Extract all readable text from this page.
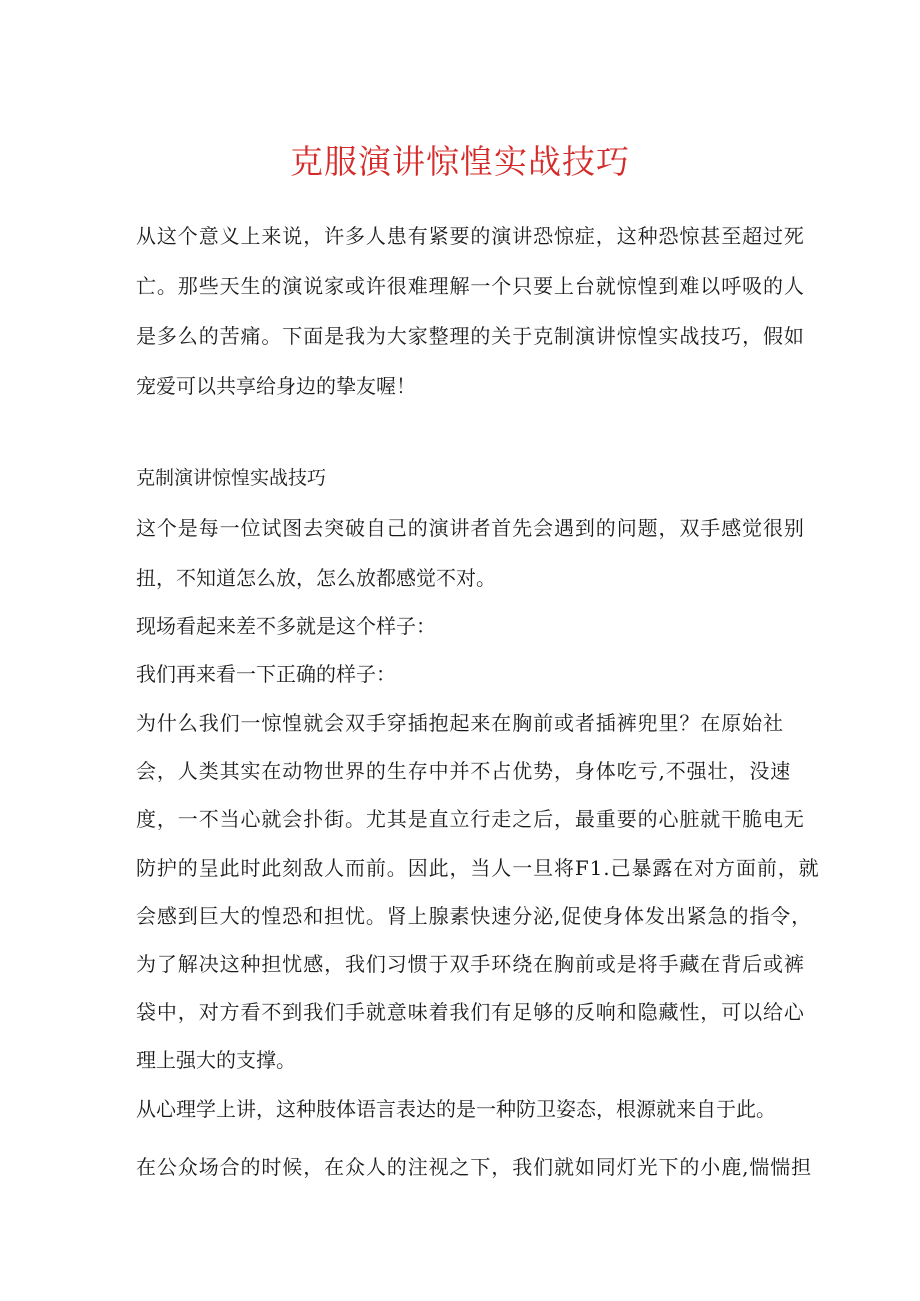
克服演讲惊惶实战技巧
从这个意义上来说，许多人患有紧要的演讲恐惊症，这种恐惊甚至超过死
亡。那些天生的演说家或许很难理解一个只要上台就惊惶到难以呼吸的人
是多么的苦痛。下面是我为大家整理的关于克制演讲惊惶实战技巧，假如
宠爱可以共享给身边的挚友喔！
克制演讲惊惶实战技巧
这个是每一位试图去突破自己的演讲者首先会遇到的问题，双手感觉很别
扭，不知道怎么放，怎么放都感觉不对。
现场看起来差不多就是这个样子：
我们再来看一下正确的样子：
为什么我们一惊惶就会双手穿插抱起来在胸前或者插裤兜里？在原始社
会，人类其实在动物世界的生存中并不占优势，身体吃亏,不强壮，没速
度，一不当心就会扑街。尤其是直立行走之后，最重要的心脏就干脆电无
防护的呈此时此刻敌人而前。因此，当人一旦将F1.己暴露在对方面前，就
会感到巨大的惶恐和担忧。肾上腺素快速分泌,促使身体发出紧急的指令，
为了解决这种担忧感，我们习惯于双手环绕在胸前或是将手藏在背后或裤
袋中，对方看不到我们手就意味着我们有足够的反响和隐藏性，可以给心
理上强大的支撑。
从心理学上讲，这种肢体语言表达的是一种防卫姿态，根源就来自于此。
在公众场合的时候，在众人的注视之下，我们就如同灯光下的小鹿,惴惴担
